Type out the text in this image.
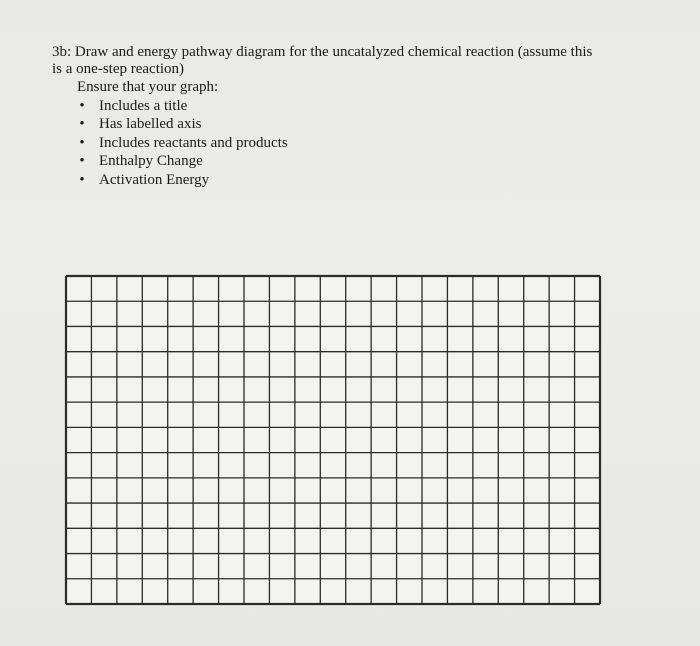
3b: Draw and energy pathway diagram for the uncatalyzed chemical reaction (assume this

is a one-step reaction)

Ensure that your graph:
• Includes a title
• Has labelled axis
• Includes reactants and products
• Enthalpy Change
• Activation Energy
